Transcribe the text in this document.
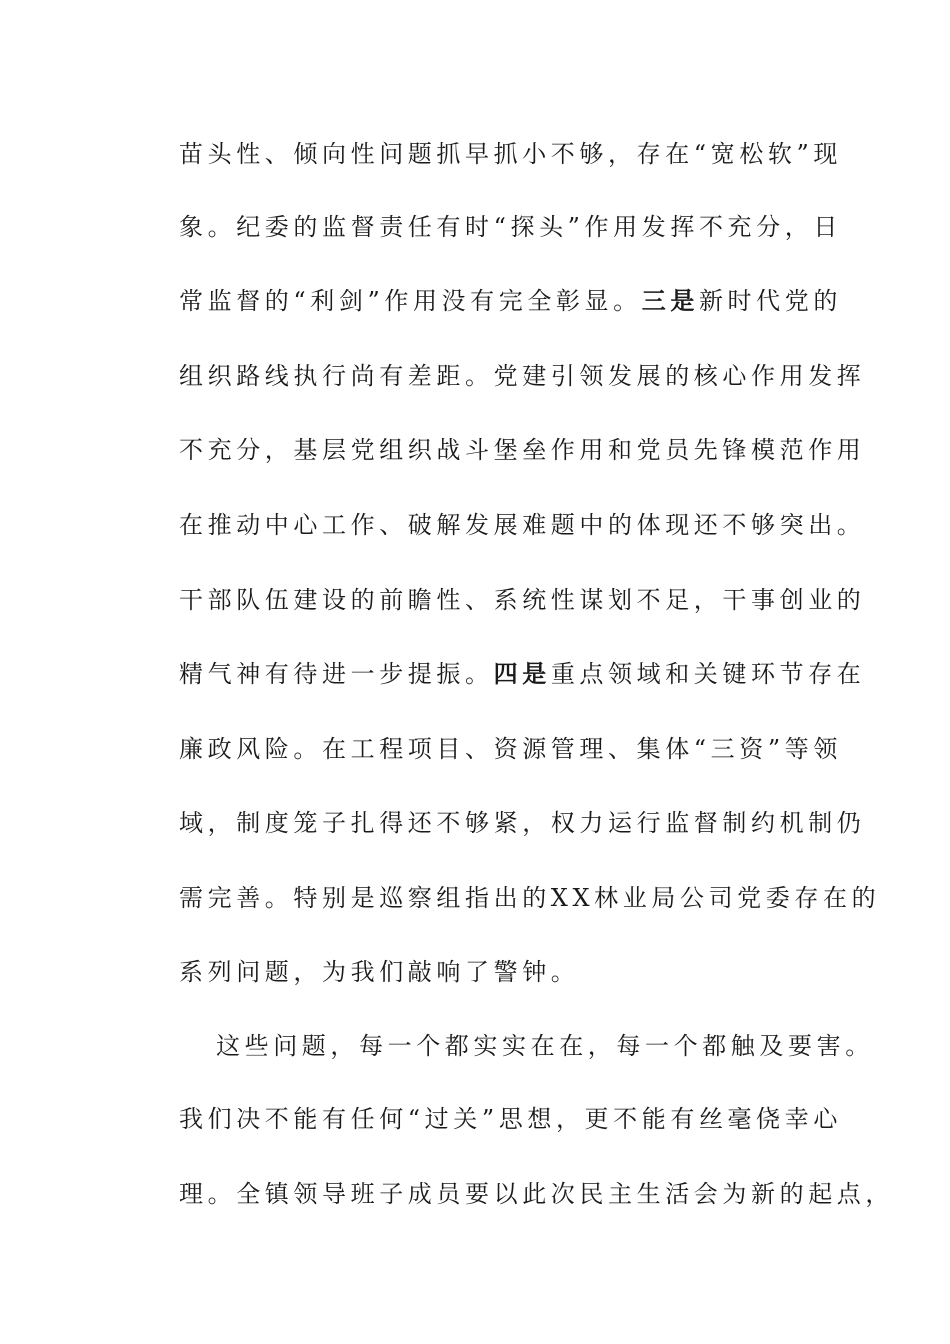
苗头性、倾向性问题抓早抓小不够，存在“宽松软”现
象。纪委的监督责任有时“探头”作用发挥不充分，日
常监督的“利剑”作用没有完全彰显。三是新时代党的
组织路线执行尚有差距。党建引领发展的核心作用发挥
不充分，基层党组织战斗堡垒作用和党员先锋模范作用
在推动中心工作、破解发展难题中的体现还不够突出。
干部队伍建设的前瞻性、系统性谋划不足，干事创业的
精气神有待进一步提振。四是重点领域和关键环节存在
廉政风险。在工程项目、资源管理、集体“三资”等领
域，制度笼子扎得还不够紧，权力运行监督制约机制仍
需完善。特别是巡察组指出的XX林业局公司党委存在的
系列问题，为我们敲响了警钟。
这些问题，每一个都实实在在，每一个都触及要害。
我们决不能有任何“过关”思想，更不能有丝毫侥幸心
理。全镇领导班子成员要以此次民主生活会为新的起点，
